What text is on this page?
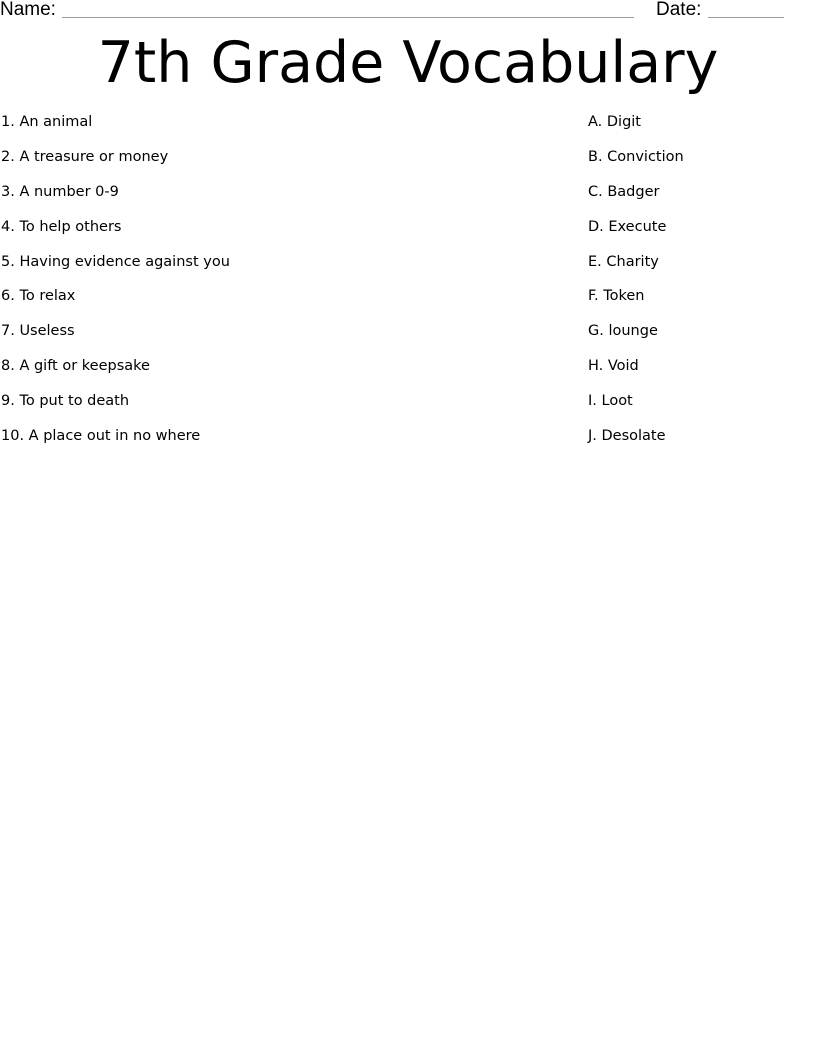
Name:	Date:
7th Grade Vocabulary
1. An animal
2. A treasure or money
3. A number 0-9
4. To help others
5. Having evidence against you
6. To relax
7. Useless
8. A gift or keepsake
9. To put to death
10. A place out in no where
A. Digit
B. Conviction
C. Badger
D. Execute
E. Charity
F. Token
G. lounge
H. Void
I. Loot
J. Desolate
